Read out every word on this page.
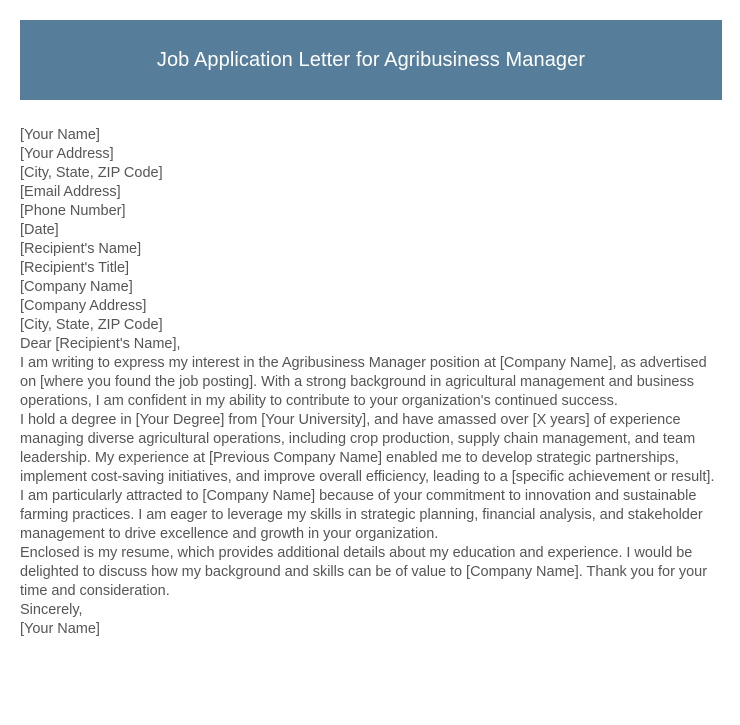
Job Application Letter for Agribusiness Manager
[Your Name]
[Your Address]
[City, State, ZIP Code]
[Email Address]
[Phone Number]
[Date]
[Recipient's Name]
[Recipient's Title]
[Company Name]
[Company Address]
[City, State, ZIP Code]
Dear [Recipient's Name],

I am writing to express my interest in the Agribusiness Manager position at [Company Name], as advertised on [where you found the job posting]. With a strong background in agricultural management and business operations, I am confident in my ability to contribute to your organization's continued success.

I hold a degree in [Your Degree] from [Your University], and have amassed over [X years] of experience managing diverse agricultural operations, including crop production, supply chain management, and team leadership. My experience at [Previous Company Name] enabled me to develop strategic partnerships, implement cost-saving initiatives, and improve overall efficiency, leading to a [specific achievement or result].

I am particularly attracted to [Company Name] because of your commitment to innovation and sustainable farming practices. I am eager to leverage my skills in strategic planning, financial analysis, and stakeholder management to drive excellence and growth in your organization.

Enclosed is my resume, which provides additional details about my education and experience. I would be delighted to discuss how my background and skills can be of value to [Company Name]. Thank you for your time and consideration.

Sincerely,
[Your Name]
